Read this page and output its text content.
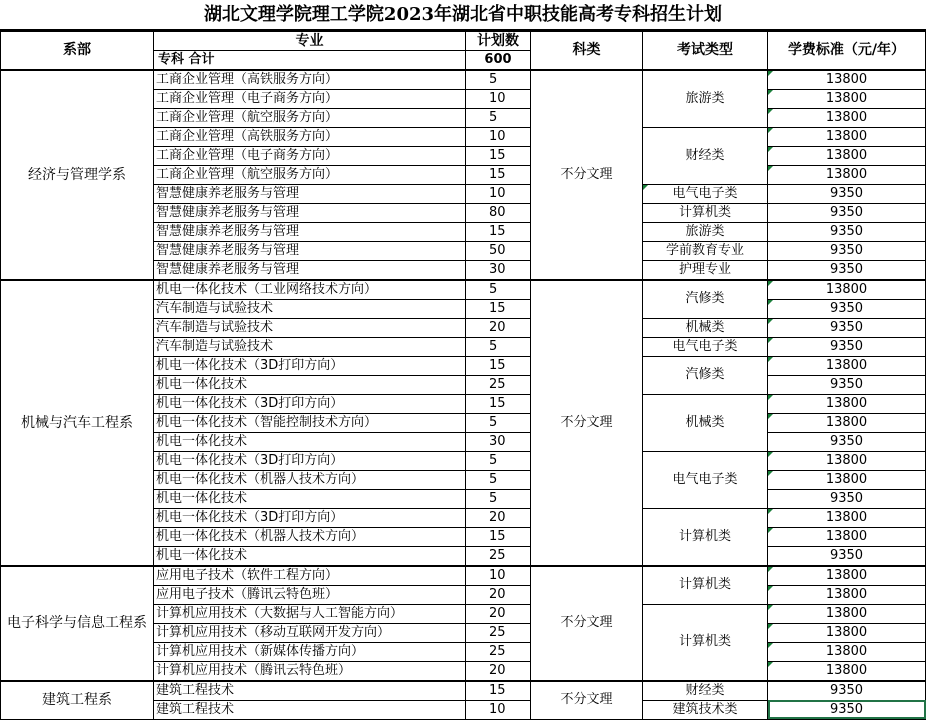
湖北文理学院理工学院2023年湖北省中职技能高考专科招生计划
系部	专业	计划数	科类	考试类型	学费标准（元/年）
	专科 合计	600			
经济与管理学系	工商企业管理（高铁服务方向）	5	不分文理	旅游类	13800
	工商企业管理（电子商务方向）	10			13800
	工商企业管理（航空服务方向）	5			13800
	工商企业管理（高铁服务方向）	10		财经类	13800
	工商企业管理（电子商务方向）	15			13800
	工商企业管理（航空服务方向）	15			13800
	智慧健康养老服务与管理	10		电气电子类	9350
	智慧健康养老服务与管理	80		计算机类	9350
	智慧健康养老服务与管理	15		旅游类	9350
	智慧健康养老服务与管理	50		学前教育专业	9350
	智慧健康养老服务与管理	30		护理专业	9350
机械与汽车工程系	机电一体化技术（工业网络技术方向）	5	不分文理	汽修类	13800
	汽车制造与试验技术	15			9350
	汽车制造与试验技术	20		机械类	9350
	汽车制造与试验技术	5		电气电子类	9350
	机电一体化技术（3D打印方向）	15		汽修类	13800
	机电一体化技术	25			9350
	机电一体化技术（3D打印方向）	15		机械类	13800
	机电一体化技术（智能控制技术方向）	5			13800
	机电一体化技术	30			9350
	机电一体化技术（3D打印方向）	5		电气电子类	13800
	机电一体化技术（机器人技术方向）	5			13800
	机电一体化技术	5			9350
	机电一体化技术（3D打印方向）	20		计算机类	13800
	机电一体化技术（机器人技术方向）	15			13800
	机电一体化技术	25			9350
电子科学与信息工程系	应用电子技术（软件工程方向）	10	不分文理	计算机类	13800
	应用电子技术（腾讯云特色班）	20			13800
	计算机应用技术（大数据与人工智能方向）	20		计算机类	13800
	计算机应用技术（移动互联网开发方向）	25			13800
	计算机应用技术（新媒体传播方向）	25			13800
	计算机应用技术（腾讯云特色班）	20			13800
建筑工程系	建筑工程技术	15	不分文理	财经类	9350
	建筑工程技术	10		建筑技术类	9350
